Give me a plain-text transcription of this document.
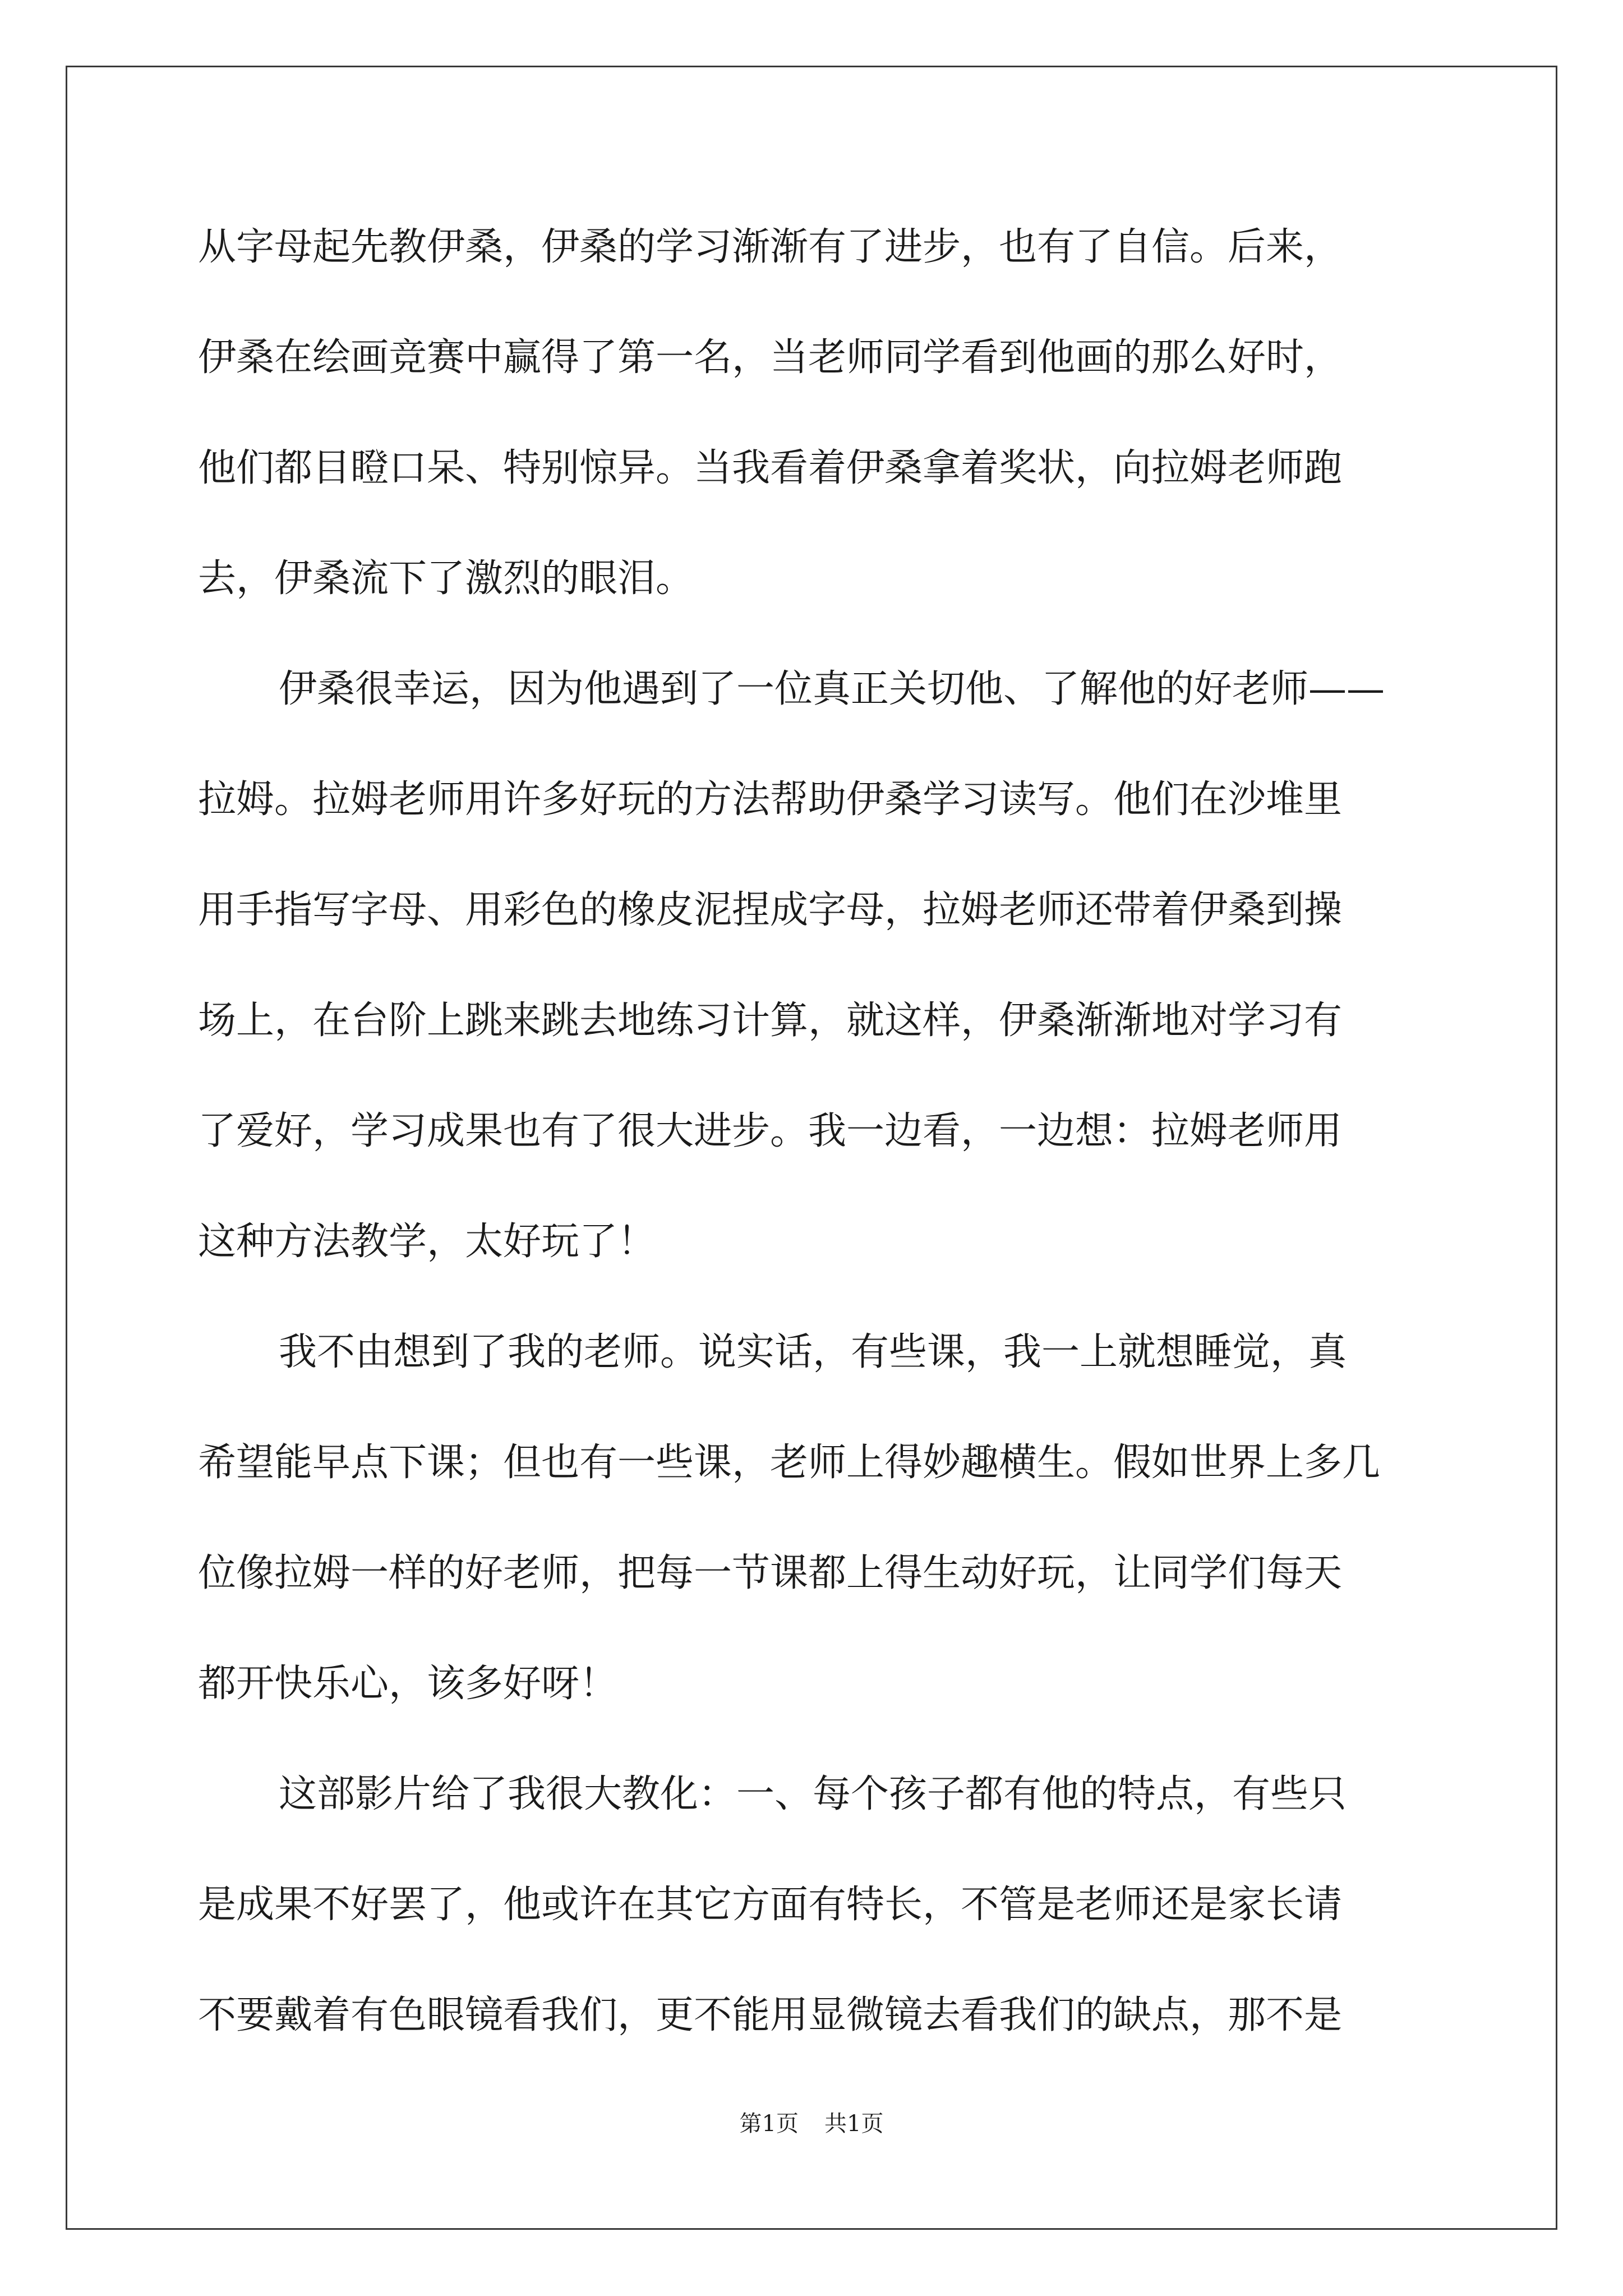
从字母起先教伊桑，伊桑的学习渐渐有了进步，也有了自信。后来，
伊桑在绘画竞赛中赢得了第一名，当老师同学看到他画的那么好时，
他们都目瞪口呆、特别惊异。当我看着伊桑拿着奖状，向拉姆老师跑
去，伊桑流下了激烈的眼泪。
伊桑很幸运，因为他遇到了一位真正关切他、了解他的好老师——
拉姆。拉姆老师用许多好玩的方法帮助伊桑学习读写。他们在沙堆里
用手指写字母、用彩色的橡皮泥捏成字母，拉姆老师还带着伊桑到操
场上，在台阶上跳来跳去地练习计算，就这样，伊桑渐渐地对学习有
了爱好，学习成果也有了很大进步。我一边看，一边想：拉姆老师用
这种方法教学，太好玩了！
我不由想到了我的老师。说实话，有些课，我一上就想睡觉，真
希望能早点下课；但也有一些课，老师上得妙趣横生。假如世界上多几
位像拉姆一样的好老师，把每一节课都上得生动好玩，让同学们每天
都开快乐心，该多好呀！
这部影片给了我很大教化：一、每个孩子都有他的特点，有些只
是成果不好罢了，他或许在其它方面有特长，不管是老师还是家长请
不要戴着有色眼镜看我们，更不能用显微镜去看我们的缺点，那不是
第1页 共1页
